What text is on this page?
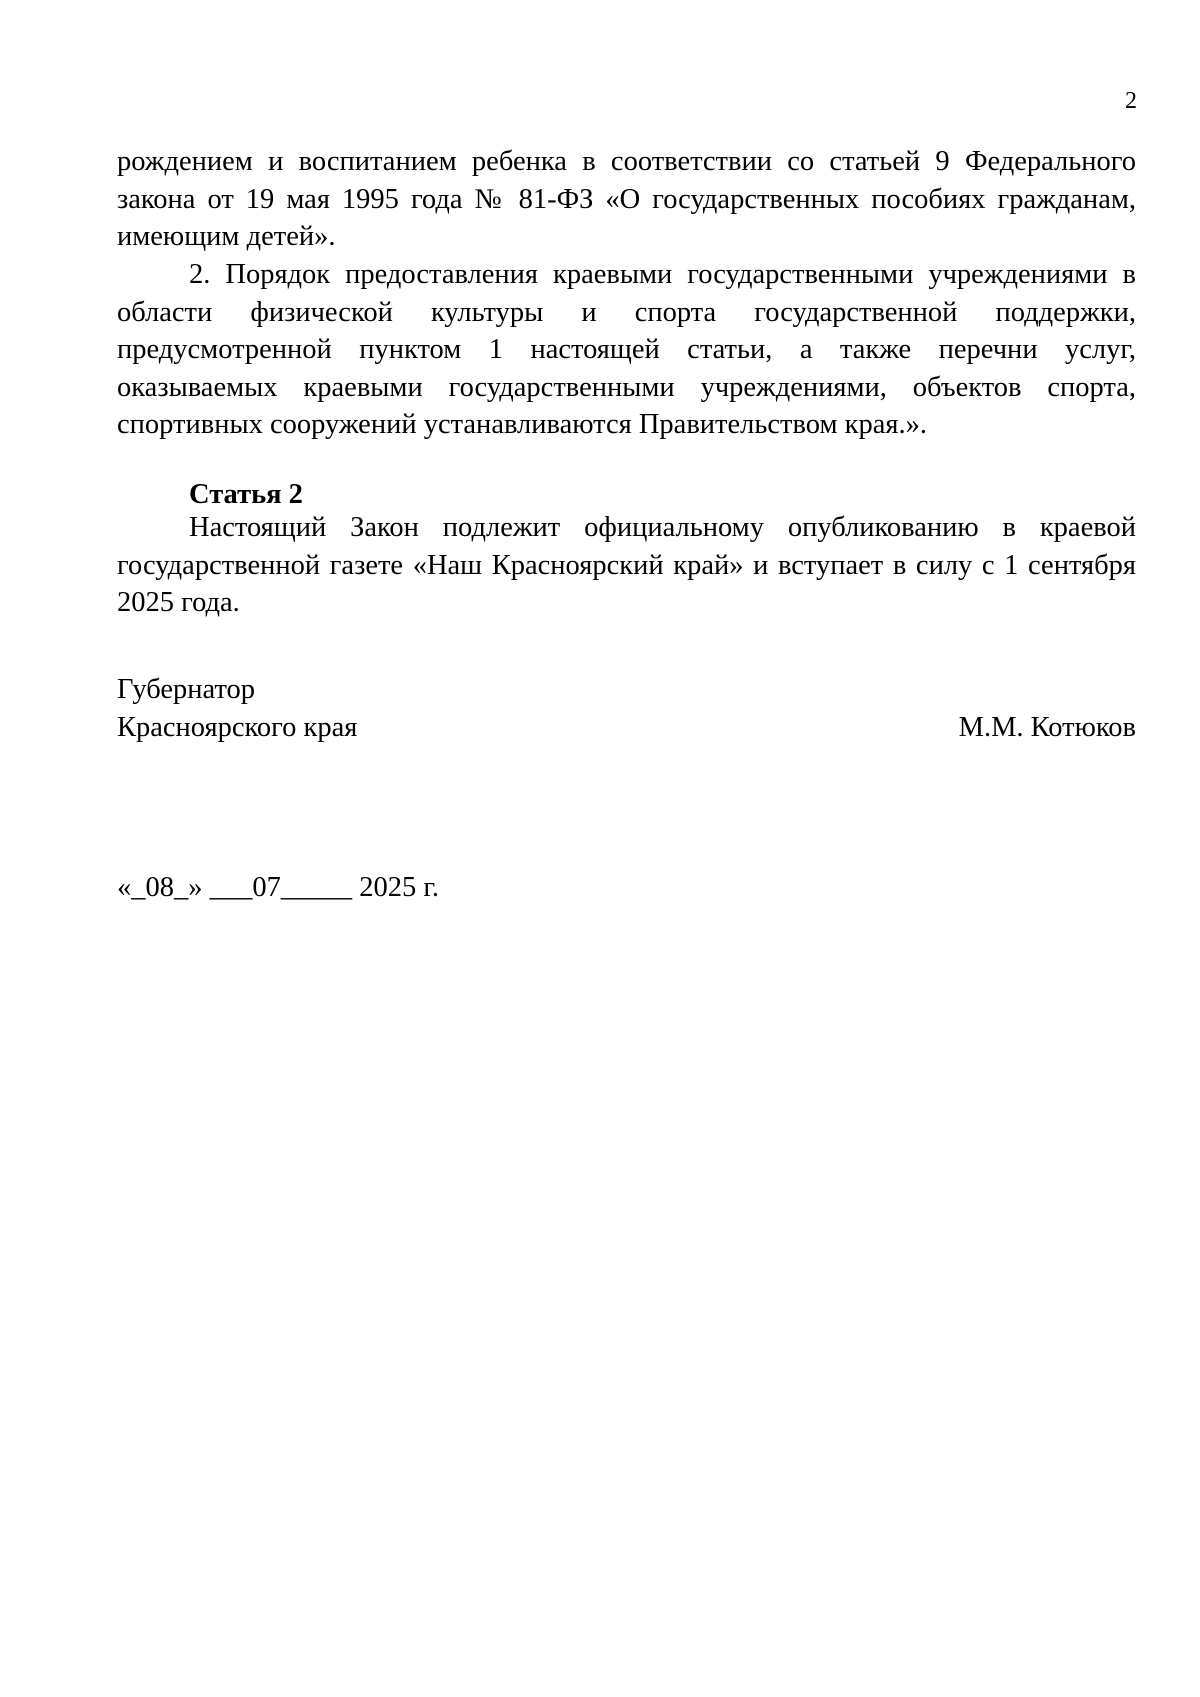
2
рождением и воспитанием ребенка в соответствии со статьей 9 Федерального закона от 19 мая 1995 года № 81-ФЗ «О государственных пособиях гражданам, имеющим детей».
2. Порядок предоставления краевыми государственными учреждениями в области физической культуры и спорта государственной поддержки, предусмотренной пунктом 1 настоящей статьи, а также перечни услуг, оказываемых краевыми государственными учреждениями, объектов спорта, спортивных сооружений устанавливаются Правительством края.».
Статья 2
Настоящий Закон подлежит официальному опубликованию в краевой государственной газете «Наш Красноярский край» и вступает в силу с 1 сентября 2025 года.
Губернатор
Красноярского края	М.М. Котюков
«_08_» ___07_____ 2025 г.
